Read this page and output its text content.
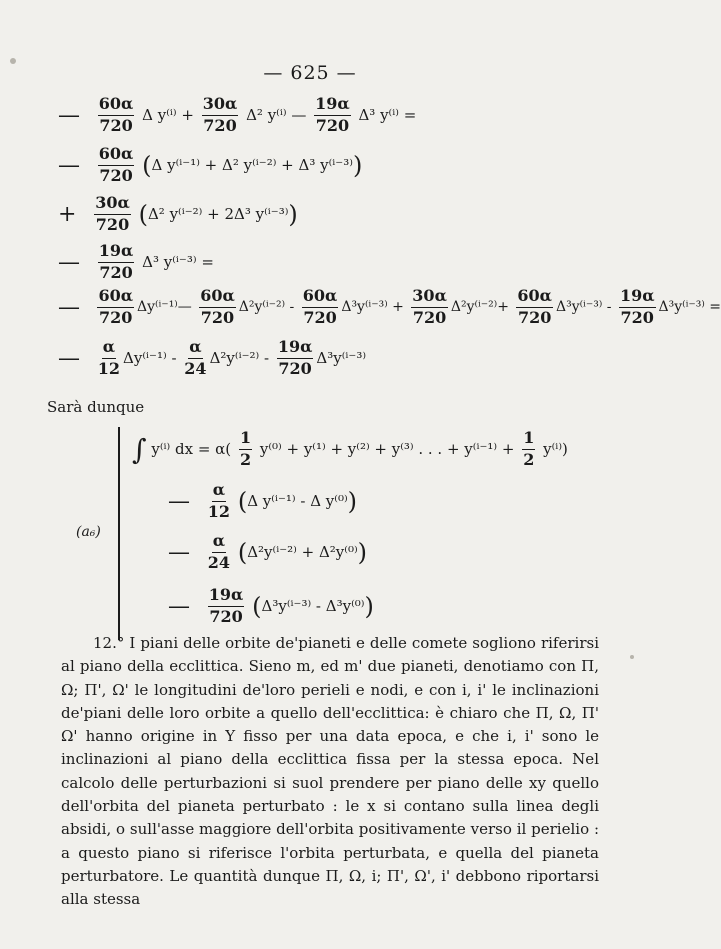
— 625 —
— $\frac{60\alpha}{720}$ Δ $y^{(i)} + \frac{30\alpha}{720} \Delta^2$ y⁽ⁱ⁾ — $\frac{19\alpha}{720} \Delta^3$ y⁽ⁱ⁾ =
— $\frac{60\alpha}{720} (\Delta$ y⁽ⁱ⁻¹⁾ + Δ² y⁽ⁱ⁻²⁾ + Δ³ y⁽ⁱ⁻³⁾)
+ $\frac{30\alpha}{720} (\Delta^2$ y⁽ⁱ⁻²⁾ + 2Δ³ y⁽ⁱ⁻³⁾)
— $\frac{19\alpha}{720} \Delta^3$ y⁽ⁱ⁻³⁾ =
— $\frac{60\alpha}{720}$ Δy⁽ⁱ⁻¹⁾— $\frac{60\alpha}{720} \Delta^2y^{(i-2)} - \frac{60\alpha}{720} \Delta^3y^{(i-3)} + \frac{30\alpha}{720} \Delta^2y^{(i-2)}+ \frac{60\alpha}{720} \Delta^3y^{(i-3)} - \frac{19\alpha}{720} \Delta^3y^{(i-3)}$ =
— $\frac{\alpha}{12} \Delta y^{(i-1)} - \frac{\alpha}{24} \Delta^2y^{(i-2)} - \frac{19\alpha}{720} \Delta^3y^{(i-3)}$
Sarà dunque
(a₆)
∫ y⁽ⁱ⁾ dx = $\alpha( \frac{1}{2} y^{(0)} + y^{(1)} + y^{(2)} + y^{(3)}$ . . . + $y^{(i-1)} + \frac{1}{2} y^{(i)}$)
— $\frac{\alpha}{12} (\Delta$ y⁽ⁱ⁻¹⁾ - Δ y⁽⁰⁾)
— $\frac{\alpha}{24} (\Delta^2y^{(i-2)} + \Delta^2y^{(0)})$
— $\frac{19\alpha}{720} (\Delta^3y^{(i-3)} - \Delta^3y^{(0)})$
12.° I piani delle orbite de'pianeti e delle comete sogliono riferirsi al piano della ecclittica. Sieno m, ed m' due pianeti, denotiamo con Π, Ω; Π', Ω' le longitudini de'loro perieli e nodi, e con i, i' le inclinazioni de'piani delle loro orbite a quello dell'ecclittica: è chiaro che Π, Ω, Π' Ω' hanno origine in Y fisso per una data epoca, e che i, i' sono le inclinazioni al piano della ecclittica fissa per la stessa epoca. Nel calcolo delle perturbazioni si suol prendere per piano delle xy quello dell'orbita del pianeta perturbato : le x si contano sulla linea degli absidi, o sull'asse maggiore dell'orbita positivamente verso il perielio : a questo piano si riferisce l'orbita perturbata, e quella del pianeta perturbatore. Le quantità dunque Π, Ω, i; Π', Ω', i' debbono riportarsi alla stessa
